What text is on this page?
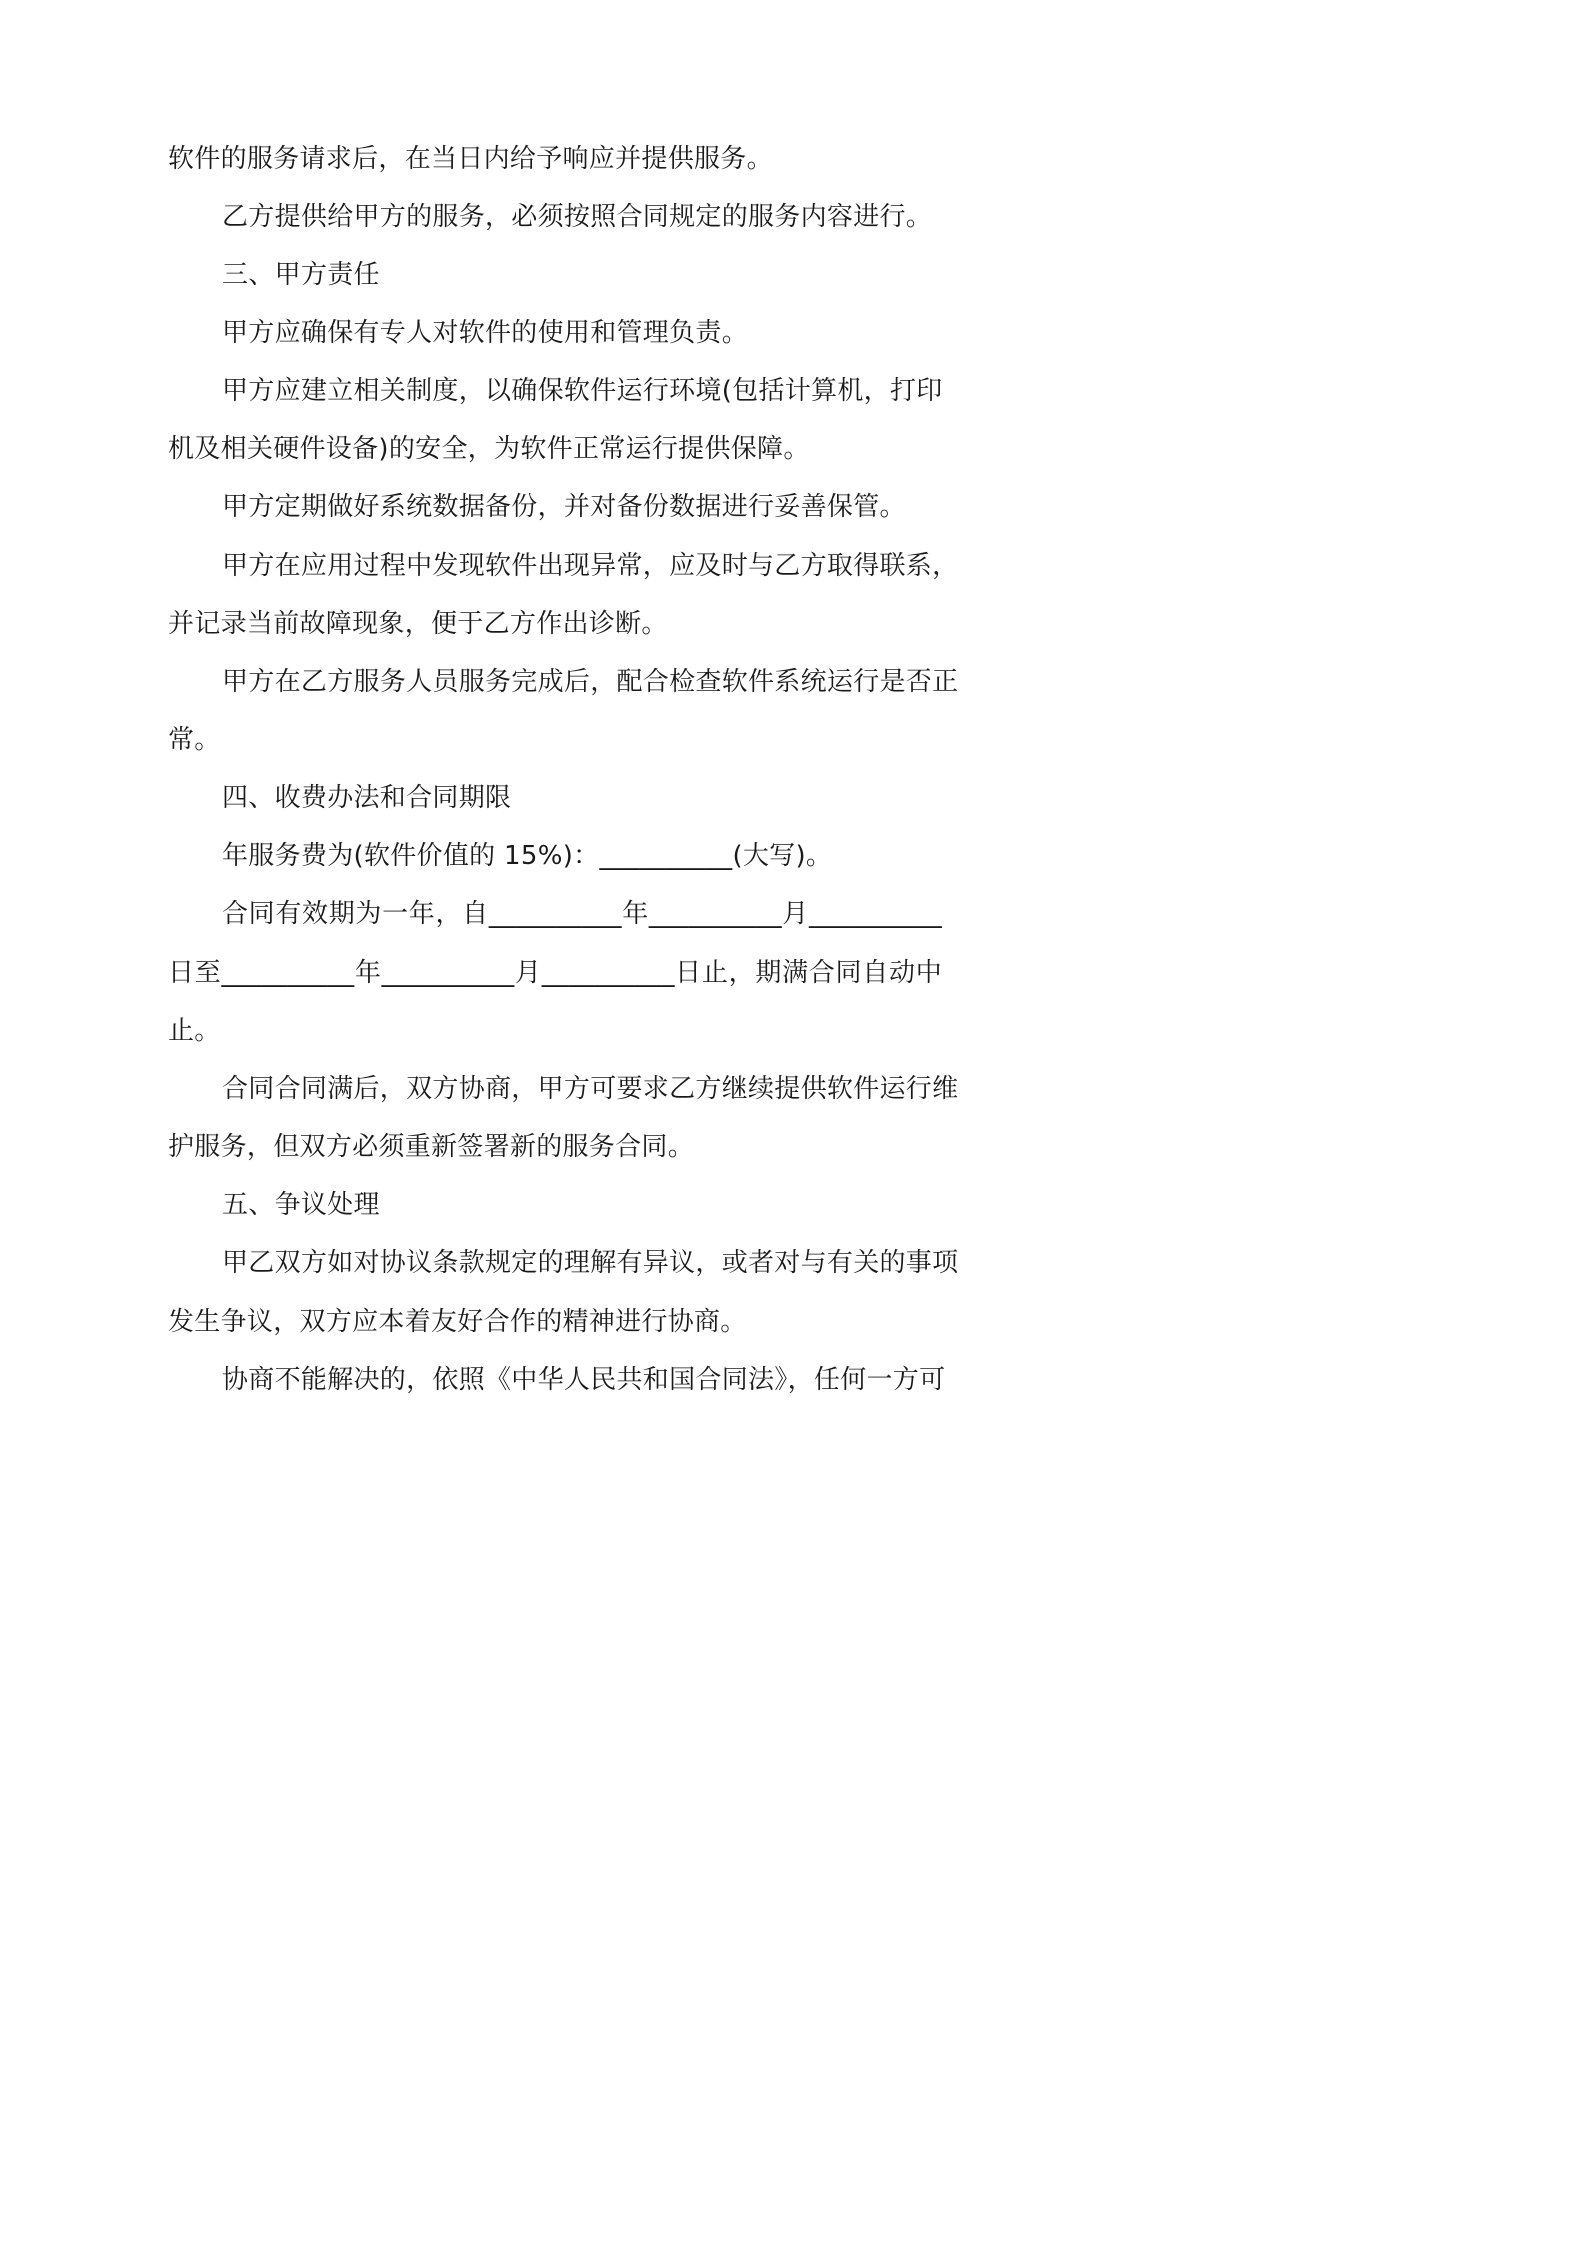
软件的服务请求后，在当日内给予响应并提供服务。
乙方提供给甲方的服务，必须按照合同规定的服务内容进行。
三、甲方责任
甲方应确保有专人对软件的使用和管理负责。
甲方应建立相关制度，以确保软件运行环境(包括计算机，打印
机及相关硬件设备)的安全，为软件正常运行提供保障。
甲方定期做好系统数据备份，并对备份数据进行妥善保管。
甲方在应用过程中发现软件出现异常，应及时与乙方取得联系，
并记录当前故障现象，便于乙方作出诊断。
甲方在乙方服务人员服务完成后，配合检查软件系统运行是否正
常。
四、收费办法和合同期限
年服务费为(软件价值的 15%)：__________(大写)。
合同有效期为一年，自__________年__________月__________
日至__________年__________月__________日止，期满合同自动中
止。
合同合同满后，双方协商，甲方可要求乙方继续提供软件运行维
护服务，但双方必须重新签署新的服务合同。
五、争议处理
甲乙双方如对协议条款规定的理解有异议，或者对与有关的事项
发生争议，双方应本着友好合作的精神进行协商。
协商不能解决的，依照《中华人民共和国合同法》，任何一方可
